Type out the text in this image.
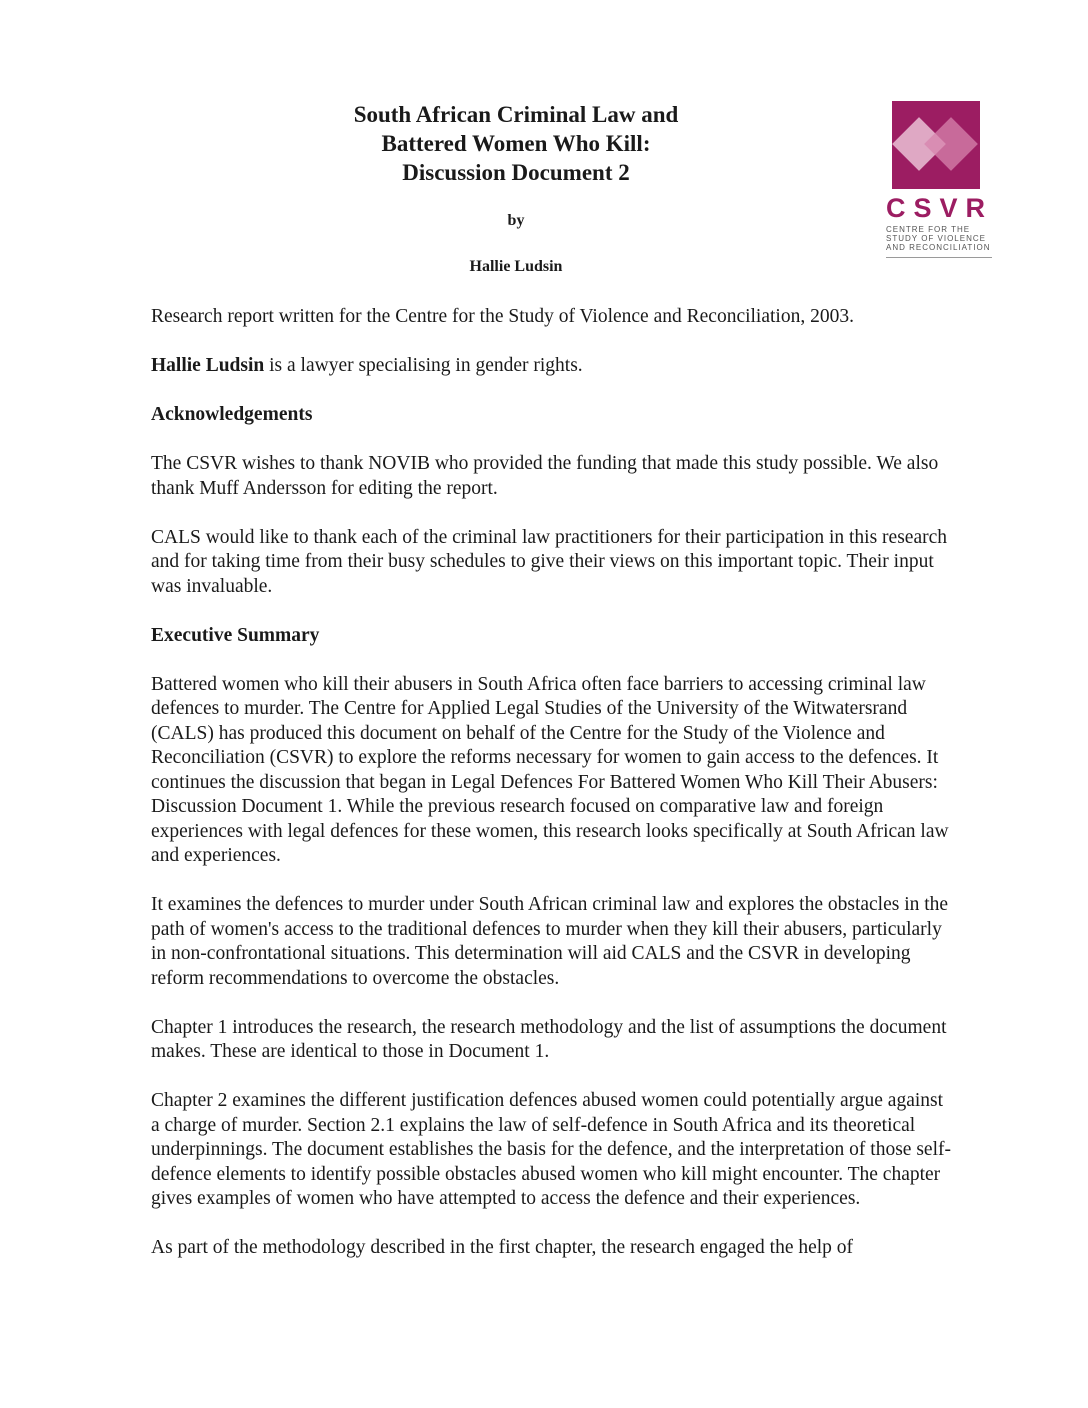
South African Criminal Law and

Battered Women Who Kill:

Discussion Document 2

by

Hallie Ludsin

CSVR
CENTRE FOR THE
STUDY OF VIOLENCE
AND RECONCILIATION

Research report written for the Centre for the Study of Violence and Reconciliation, 2003.

Hallie Ludsin is a lawyer specialising in gender rights.

Acknowledgements

The CSVR wishes to thank NOVIB who provided the funding that made this study possible. We also thank Muff Andersson for editing the report.

CALS would like to thank each of the criminal law practitioners for their participation in this research and for taking time from their busy schedules to give their views on this important topic. Their input was invaluable.

Executive Summary

Battered women who kill their abusers in South Africa often face barriers to accessing criminal law defences to murder. The Centre for Applied Legal Studies of the University of the Witwatersrand (CALS) has produced this document on behalf of the Centre for the Study of the Violence and Reconciliation (CSVR) to explore the reforms necessary for women to gain access to the defences. It continues the discussion that began in Legal Defences For Battered Women Who Kill Their Abusers: Discussion Document 1. While the previous research focused on comparative law and foreign experiences with legal defences for these women, this research looks specifically at South African law and experiences.

It examines the defences to murder under South African criminal law and explores the obstacles in the path of women's access to the traditional defences to murder when they kill their abusers, particularly in non-confrontational situations. This determination will aid CALS and the CSVR in developing reform recommendations to overcome the obstacles.

Chapter 1 introduces the research, the research methodology and the list of assumptions the document makes. These are identical to those in Document 1.

Chapter 2 examines the different justification defences abused women could potentially argue against a charge of murder. Section 2.1 explains the law of self-defence in South Africa and its theoretical underpinnings. The document establishes the basis for the defence, and the interpretation of those self-defence elements to identify possible obstacles abused women who kill might encounter. The chapter gives examples of women who have attempted to access the defence and their experiences.

As part of the methodology described in the first chapter, the research engaged the help of
